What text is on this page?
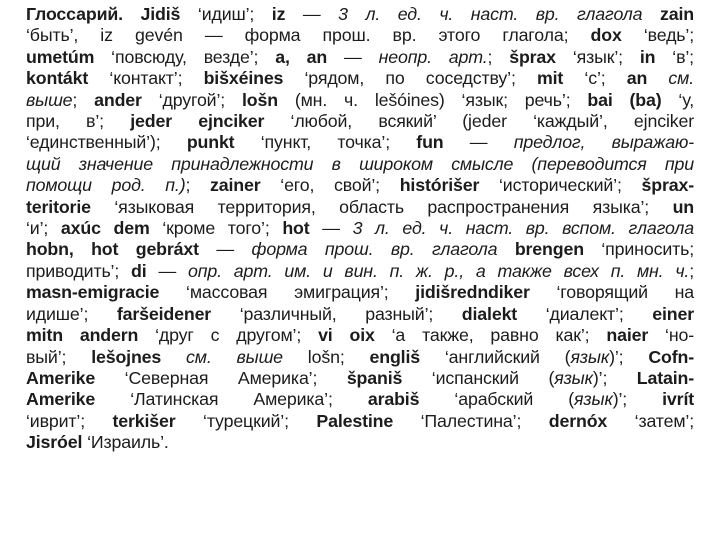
Глоссарий. Jidiš ‘идиш’; iz — 3 л. ед. ч. наст. вр. глагола zain
‘быть’, iz gevén — форма прош. вр. этого глагола; dox ‘ведь’;
umetúm ‘повсюду, везде’; a, an — неопр. арт.; šprax ‘язык’; in ‘в’;
kontákt ‘контакт’; bišxéines ‘рядом, по соседству’; mit ‘с’; an см.
выше; ander ‘другой’; lošn (мн. ч. lešóines) ‘язык; речь’; bai (ba) ‘у,
при, в’; jeder ejnciker ‘любой, всякий’ (jeder ‘каждый’, ejnciker
‘единственный’); punkt ‘пункт, точка’; fun — предлог, выражаю-
щий значение принадлежности в широком смысле (переводится при
помощи род. п.); zainer ‘его, свой’; histórišer ‘исторический’; šprax-
teritorie ‘языковая территория, область распространения языка’; un
‘и’; axúc dem ‘кроме того’; hot — 3 л. ед. ч. наст. вр. вспом. глагола
hobn, hot gebráxt — форма прош. вр. глагола brengen ‘приносить;
приводить’; di — опр. арт. им. и вин. п. ж. р., а также всех п. мн. ч.;
masn-emigracie ‘массовая эмиграция’; jidišredndiker ‘говорящий на
идише’; faršeidener ‘различный, разный’; dialekt ‘диалект’; einer
mitn andern ‘друг с другом’; vi oix ‘а также, равно как’; naier ‘но-
вый’; lešojnes см. выше lošn; engliš ‘английский (язык)’; Cofn-
Amerike ‘Северная Америка’; španiš ‘испанский (язык)’; Latain-
Amerike ‘Латинская Америка’; arabiš ‘арабский (язык)’; ivrít
‘иврит’; terkišer ‘турецкий’; Palestine ‘Палестина’; dernóx ‘затем’;
Jisróel ‘Израиль’.
